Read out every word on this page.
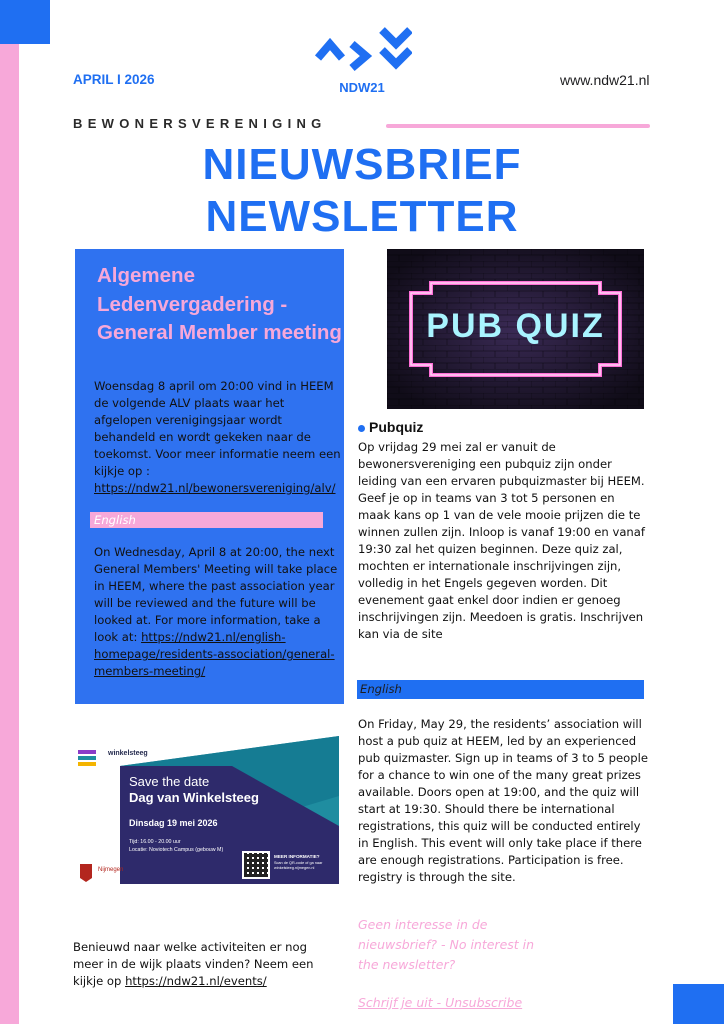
APRIL I 2026
NDW21	www.ndw21.nl
BEWONERSVERENIGING
NIEUWSBRIEF
NEWSLETTER
Algemene Ledenvergadering - General Member meeting
Woensdag 8 april om 20:00 vind in HEEM de volgende ALV plaats waar het afgelopen verenigingsjaar wordt behandeld en wordt gekeken naar de toekomst. Voor meer informatie neem een kijkje op : https://ndw21.nl/bewonersvereniging/alv/
English
On Wednesday, April 8 at 20:00, the next General Members' Meeting will take place in HEEM, where the past association year will be reviewed and the future will be looked at. For more information, take a look at: https://ndw21.nl/english-homepage/residents-association/general-members-meeting/
winkelsteeg
Save the date
Dag van Winkelsteeg
Dinsdag 19 mei 2026
Tijd: 16.00 - 20.00 uur
Locatie: Noviotech Campus (gebouw M)
MEER INFORMATIE?
Scan de QR-code of ga naar winkelsteeg.nijmegen.nl
Nijmegen
Benieuwd naar welke activiteiten er nog meer in de wijk plaats vinden? Neem een kijkje op https://ndw21.nl/events/
PUB QUIZ
Pubquiz
Op vrijdag 29 mei zal er vanuit de bewonersvereniging een pubquiz zijn onder leiding van een ervaren pubquizmaster bij HEEM. Geef je op in teams van 3 tot 5 personen en maak kans op 1 van de vele mooie prijzen die te winnen zullen zijn. Inloop is vanaf 19:00 en vanaf 19:30 zal het quizen beginnen. Deze quiz zal, mochten er internationale inschrijvingen zijn, volledig in het Engels gegeven worden. Dit evenement gaat enkel door indien er genoeg inschrijvingen zijn. Meedoen is gratis. Inschrijven kan via de site
English
On Friday, May 29, the residents’ association will host a pub quiz at HEEM, led by an experienced pub quizmaster. Sign up in teams of 3 to 5 people for a chance to win one of the many great prizes available. Doors open at 19:00, and the quiz will start at 19:30. Should there be international registrations, this quiz will be conducted entirely in English. This event will only take place if there are enough registrations. Participation is free. registry is through the site.
Geen interesse in de nieuwsbrief? - No interest in the newsletter?
Schrijf je uit - Unsubscribe
